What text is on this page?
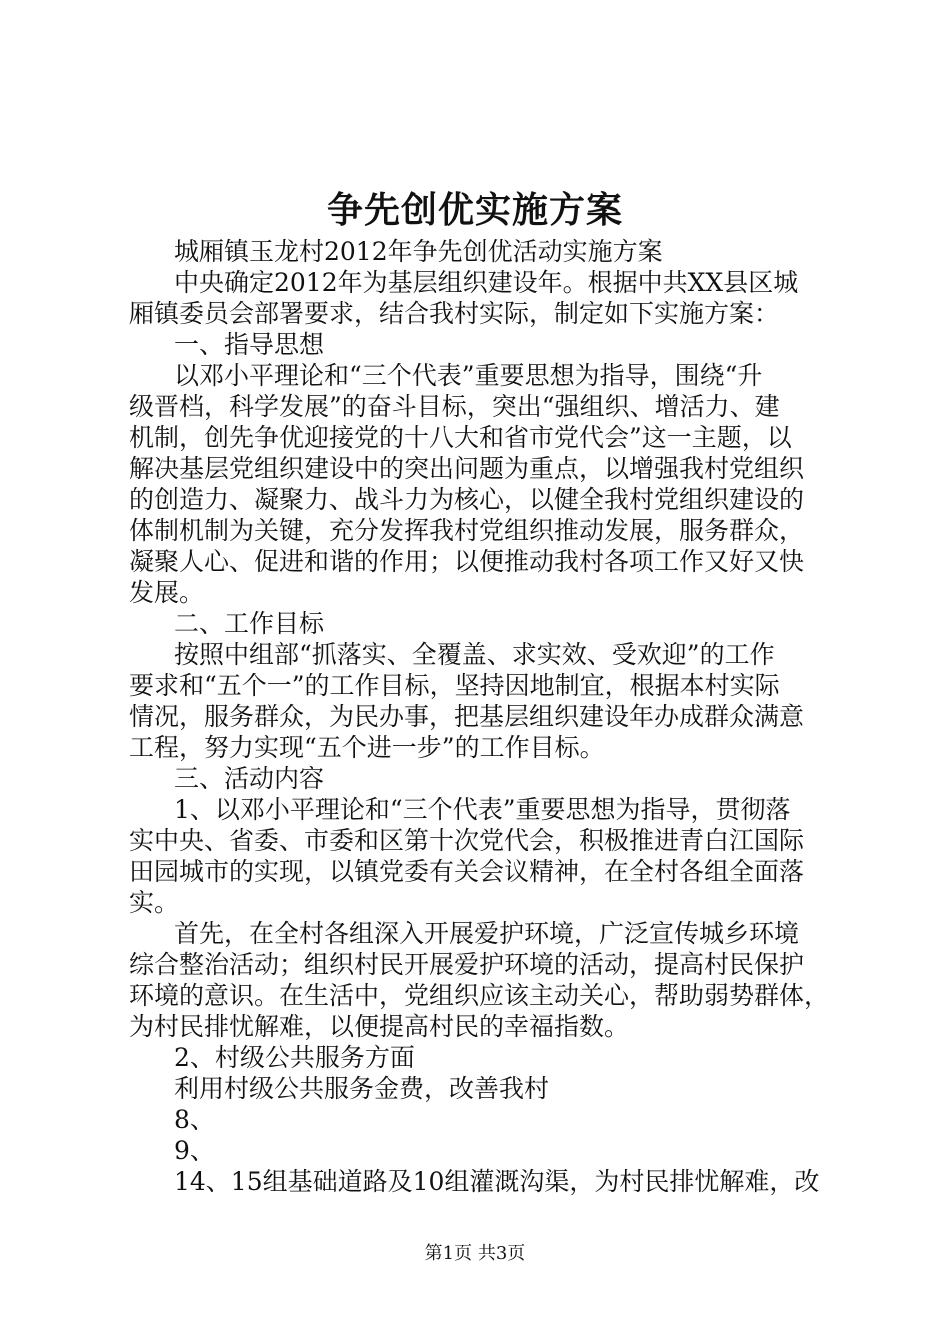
争先创优实施方案

城厢镇玉龙村2012年争先创优活动实施方案

中央确定2012年为基层组织建设年。根据中共XX县区城

厢镇委员会部署要求，结合我村实际，制定如下实施方案：

一、指导思想

以邓小平理论和“三个代表”重要思想为指导，围绕“升

级晋档，科学发展”的奋斗目标，突出“强组织、增活力、建

机制，创先争优迎接党的十八大和省市党代会”这一主题，以

解决基层党组织建设中的突出问题为重点，以增强我村党组织

的创造力、凝聚力、战斗力为核心，以健全我村党组织建设的

体制机制为关键，充分发挥我村党组织推动发展，服务群众，

凝聚人心、促进和谐的作用；以便推动我村各项工作又好又快

发展。

二、工作目标

按照中组部“抓落实、全覆盖、求实效、受欢迎”的工作

要求和“五个一”的工作目标，坚持因地制宜，根据本村实际

情况，服务群众，为民办事，把基层组织建设年办成群众满意

工程，努力实现“五个进一步”的工作目标。

三、活动内容

1、以邓小平理论和“三个代表”重要思想为指导，贯彻落

实中央、省委、市委和区第十次党代会，积极推进青白江国际

田园城市的实现，以镇党委有关会议精神，在全村各组全面落

实。

首先，在全村各组深入开展爱护环境，广泛宣传城乡环境

综合整治活动；组织村民开展爱护环境的活动，提高村民保护

环境的意识。在生活中，党组织应该主动关心，帮助弱势群体，

为村民排忧解难，以便提高村民的幸福指数。

2、村级公共服务方面

利用村级公共服务金费，改善我村

8、

9、

14、15组基础道路及10组灌溉沟渠，为村民排忧解难，改

第1页 共3页
